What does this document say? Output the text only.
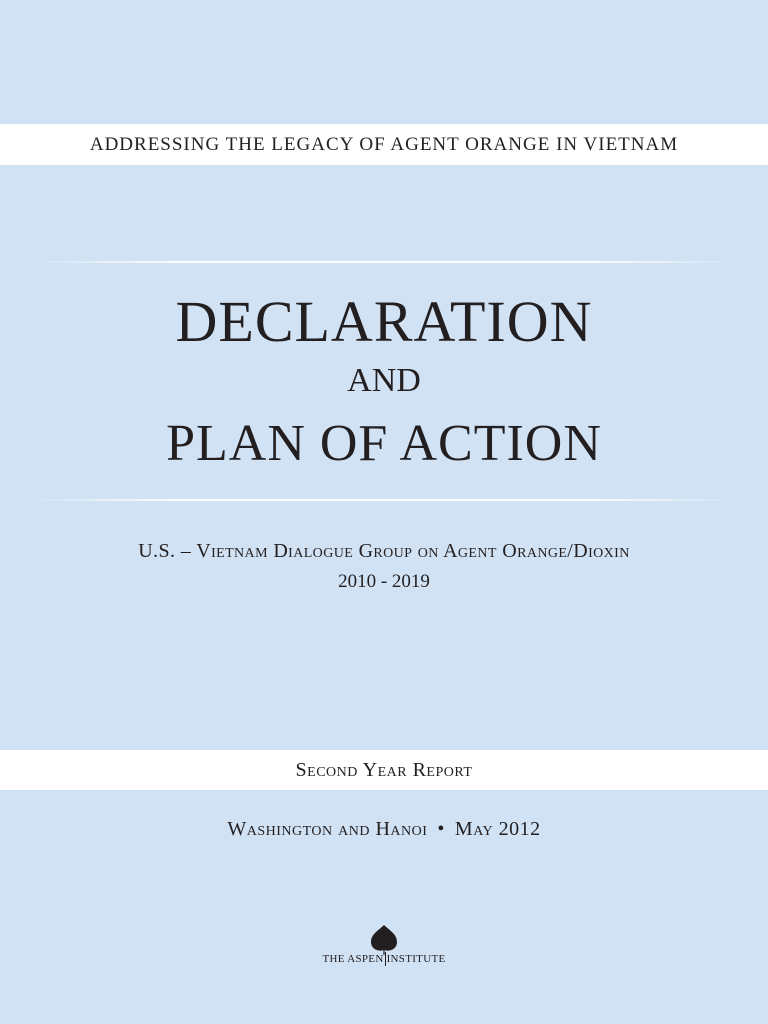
ADDRESSING THE LEGACY OF AGENT ORANGE IN VIETNAM
DECLARATION
AND
PLAN OF ACTION
U.S. – Vietnam Dialogue Group on Agent Orange/Dioxin
2010 - 2019
Second Year Report
Washington and Hanoi • May 2012
THE ASPEN INSTITUTE
